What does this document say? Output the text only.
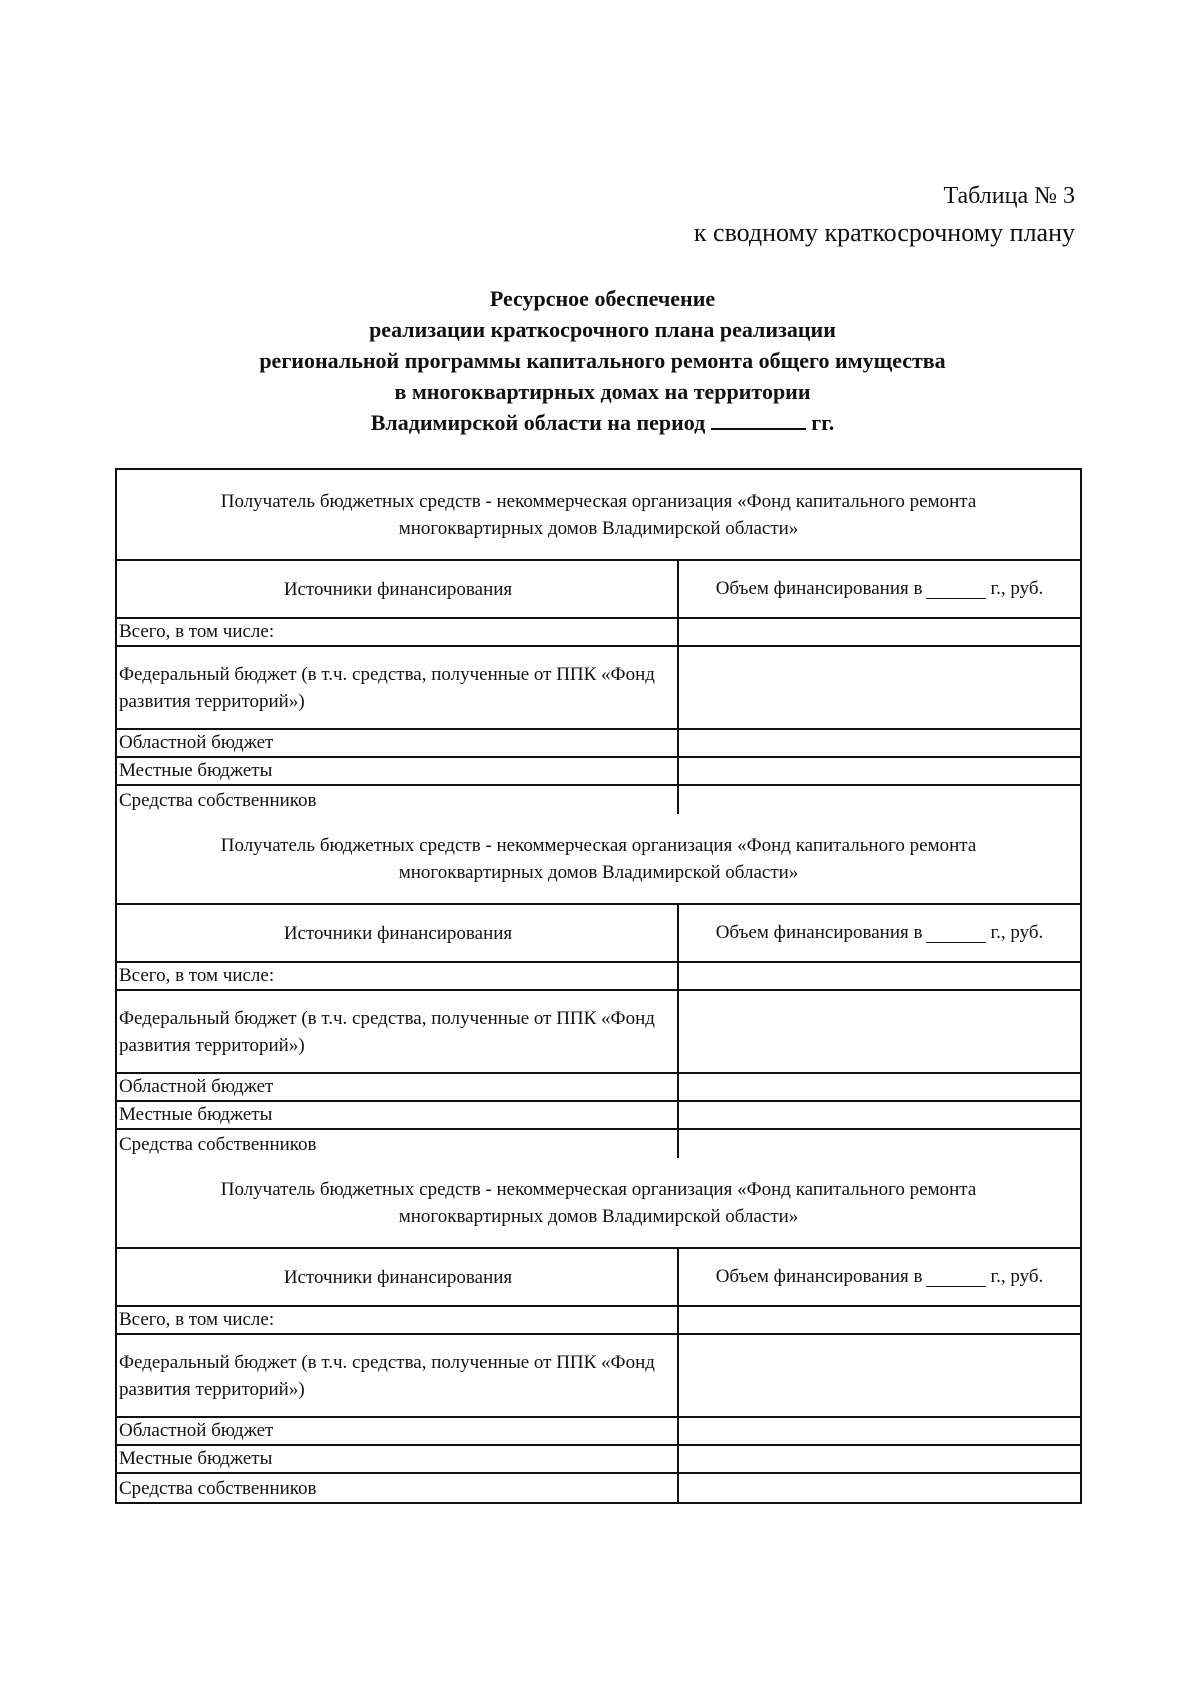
Таблица № 3
к сводному краткосрочному плану
Ресурсное обеспечение
реализации краткосрочного плана реализации
региональной программы капитального ремонта общего имущества
в многоквартирных домах на территории
Владимирской области на период	гг.
Получатель бюджетных средств - некоммерческая организация «Фонд капитального ремонта многоквартирных домов Владимирской области»
Источники финансирования	Объем финансирования в	г., руб.
Всего, в том числе:
Федеральный бюджет (в т.ч. средства, полученные от ППК «Фонд развития территорий»)
Областной бюджет
Местные бюджеты
Средства собственников
Получатель бюджетных средств - некоммерческая организация «Фонд капитального ремонта многоквартирных домов Владимирской области»
Источники финансирования	Объем финансирования в	г., руб.
Всего, в том числе:
Федеральный бюджет (в т.ч. средства, полученные от ППК «Фонд развития территорий»)
Областной бюджет
Местные бюджеты
Средства собственников
Получатель бюджетных средств - некоммерческая организация «Фонд капитального ремонта многоквартирных домов Владимирской области»
Источники финансирования	Объем финансирования в	г., руб.
Всего, в том числе:
Федеральный бюджет (в т.ч. средства, полученные от ППК «Фонд развития территорий»)
Областной бюджет
Местные бюджеты
Средства собственников
